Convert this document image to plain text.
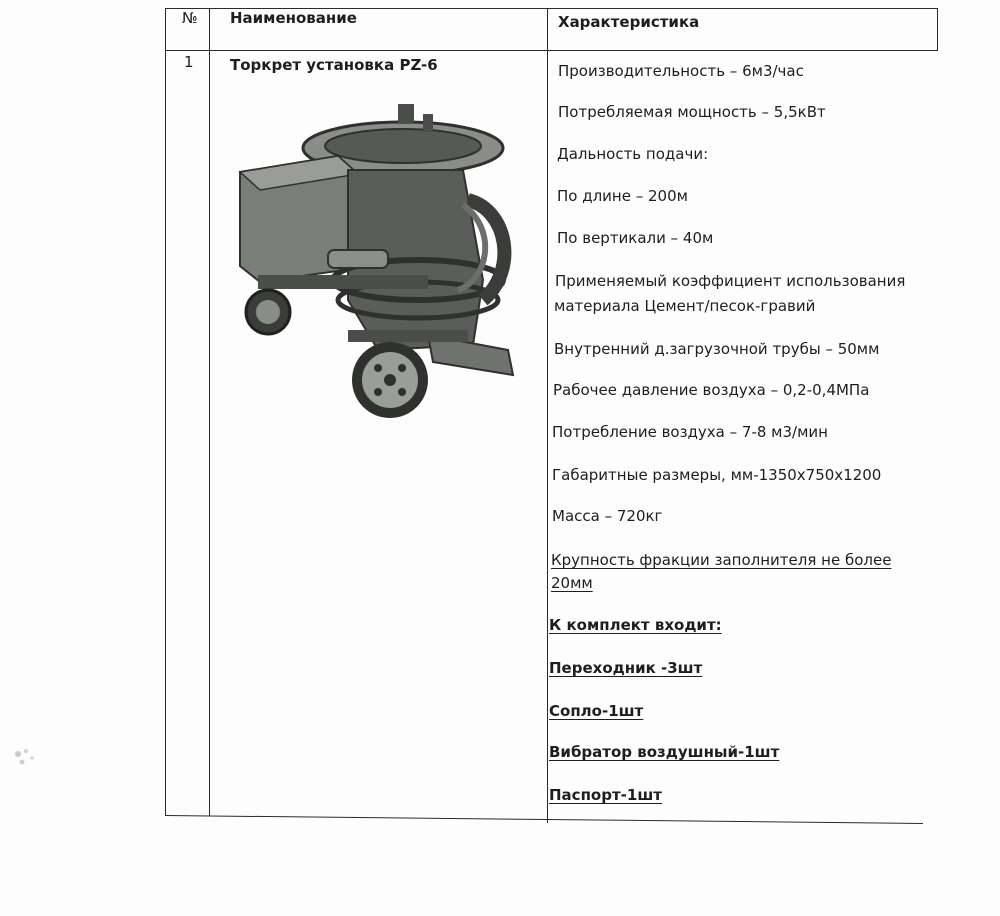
№ Наименование	Характеристика
1 Торкрет установка PZ-6	Производительность – 6м3/час
Потребляемая мощность – 5,5кВт
Дальность подачи:
По длине – 200м
По вертикали – 40м
Применяемый коэффициент использования
материала Цемент/песок-гравий
Внутренний д.загрузочной трубы – 50мм
Рабочее давление воздуха – 0,2-0,4МПа
Потребление воздуха – 7-8 м3/мин
Габаритные размеры, мм-1350х750х1200
Масса – 720кг
Крупность фракции заполнителя не более
20мм
К комплект входит:
Переходник -3шт
Сопло-1шт
Вибратор воздушный-1шт
Паспорт-1шт
